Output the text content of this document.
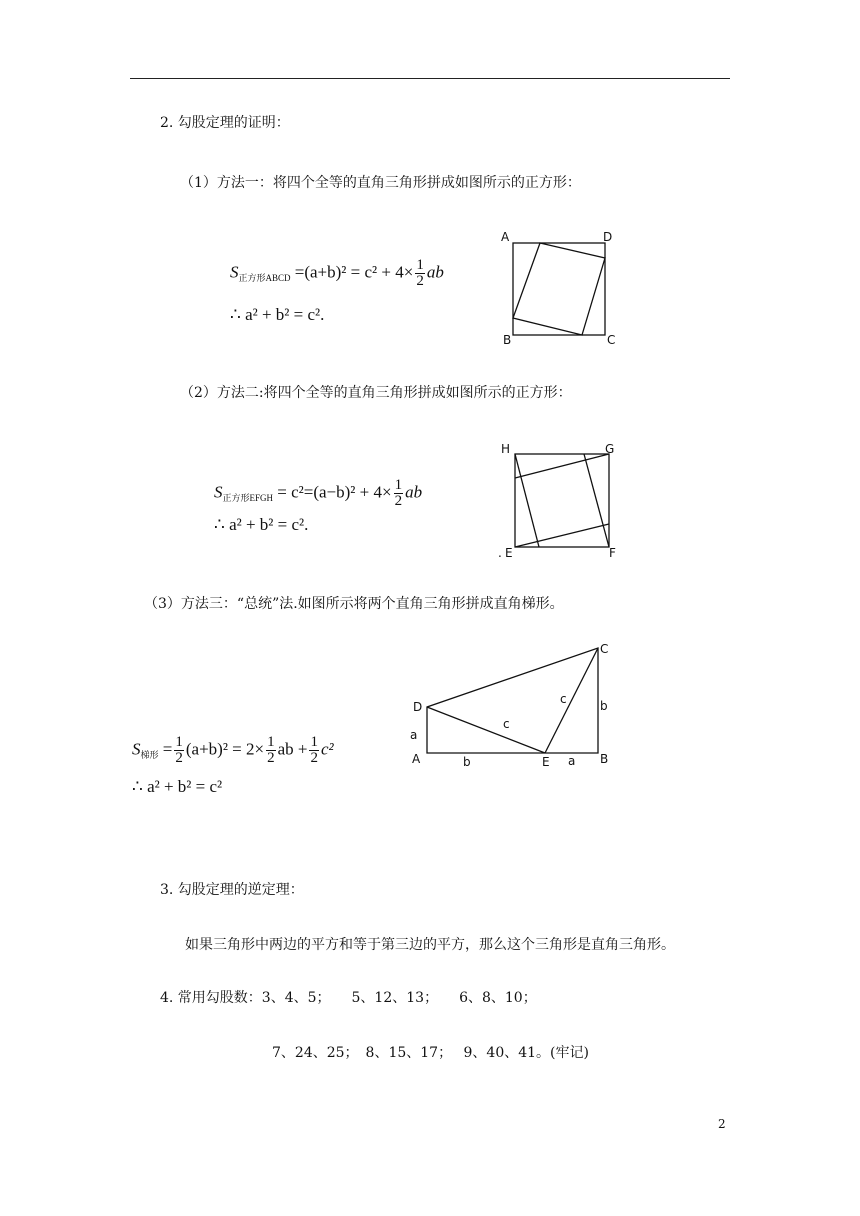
2. 勾股定理的证明：
（1）方法一：将四个全等的直角三角形拼成如图所示的正方形：
$S_{正方形ABCD} =(a+b)^2 = c^2 + 4\times \frac{1}{2}$ ab
∴ a² + b² = c².
A	D
B	C
（2）方法二:将四个全等的直角三角形拼成如图所示的正方形：
$S_{正方形EFGH} = c^2=(a-b)^2 + 4\times \frac{1}{2}$ ab
∴ a² + b² = c².
H	G
. E	F
（3）方法三：“总统”法.如图所示将两个直角三角形拼成直角梯形。
C
D
A	E	B
a
b
b	a
c
c
$S_{梯形} = \frac{1}{2} (a+b)^2 = 2\times \frac{1}{2}$ ab + $\frac{1}{2} c^2$
∴ a² + b² = c²
3. 勾股定理的逆定理：
如果三角形中两边的平方和等于第三边的平方，那么这个三角形是直角三角形。
4. 常用勾股数：3、4、5；　　5、12、13；　　6、8、10；
7、24、25；　8、15、17；　 9、40、41。(牢记)
2
